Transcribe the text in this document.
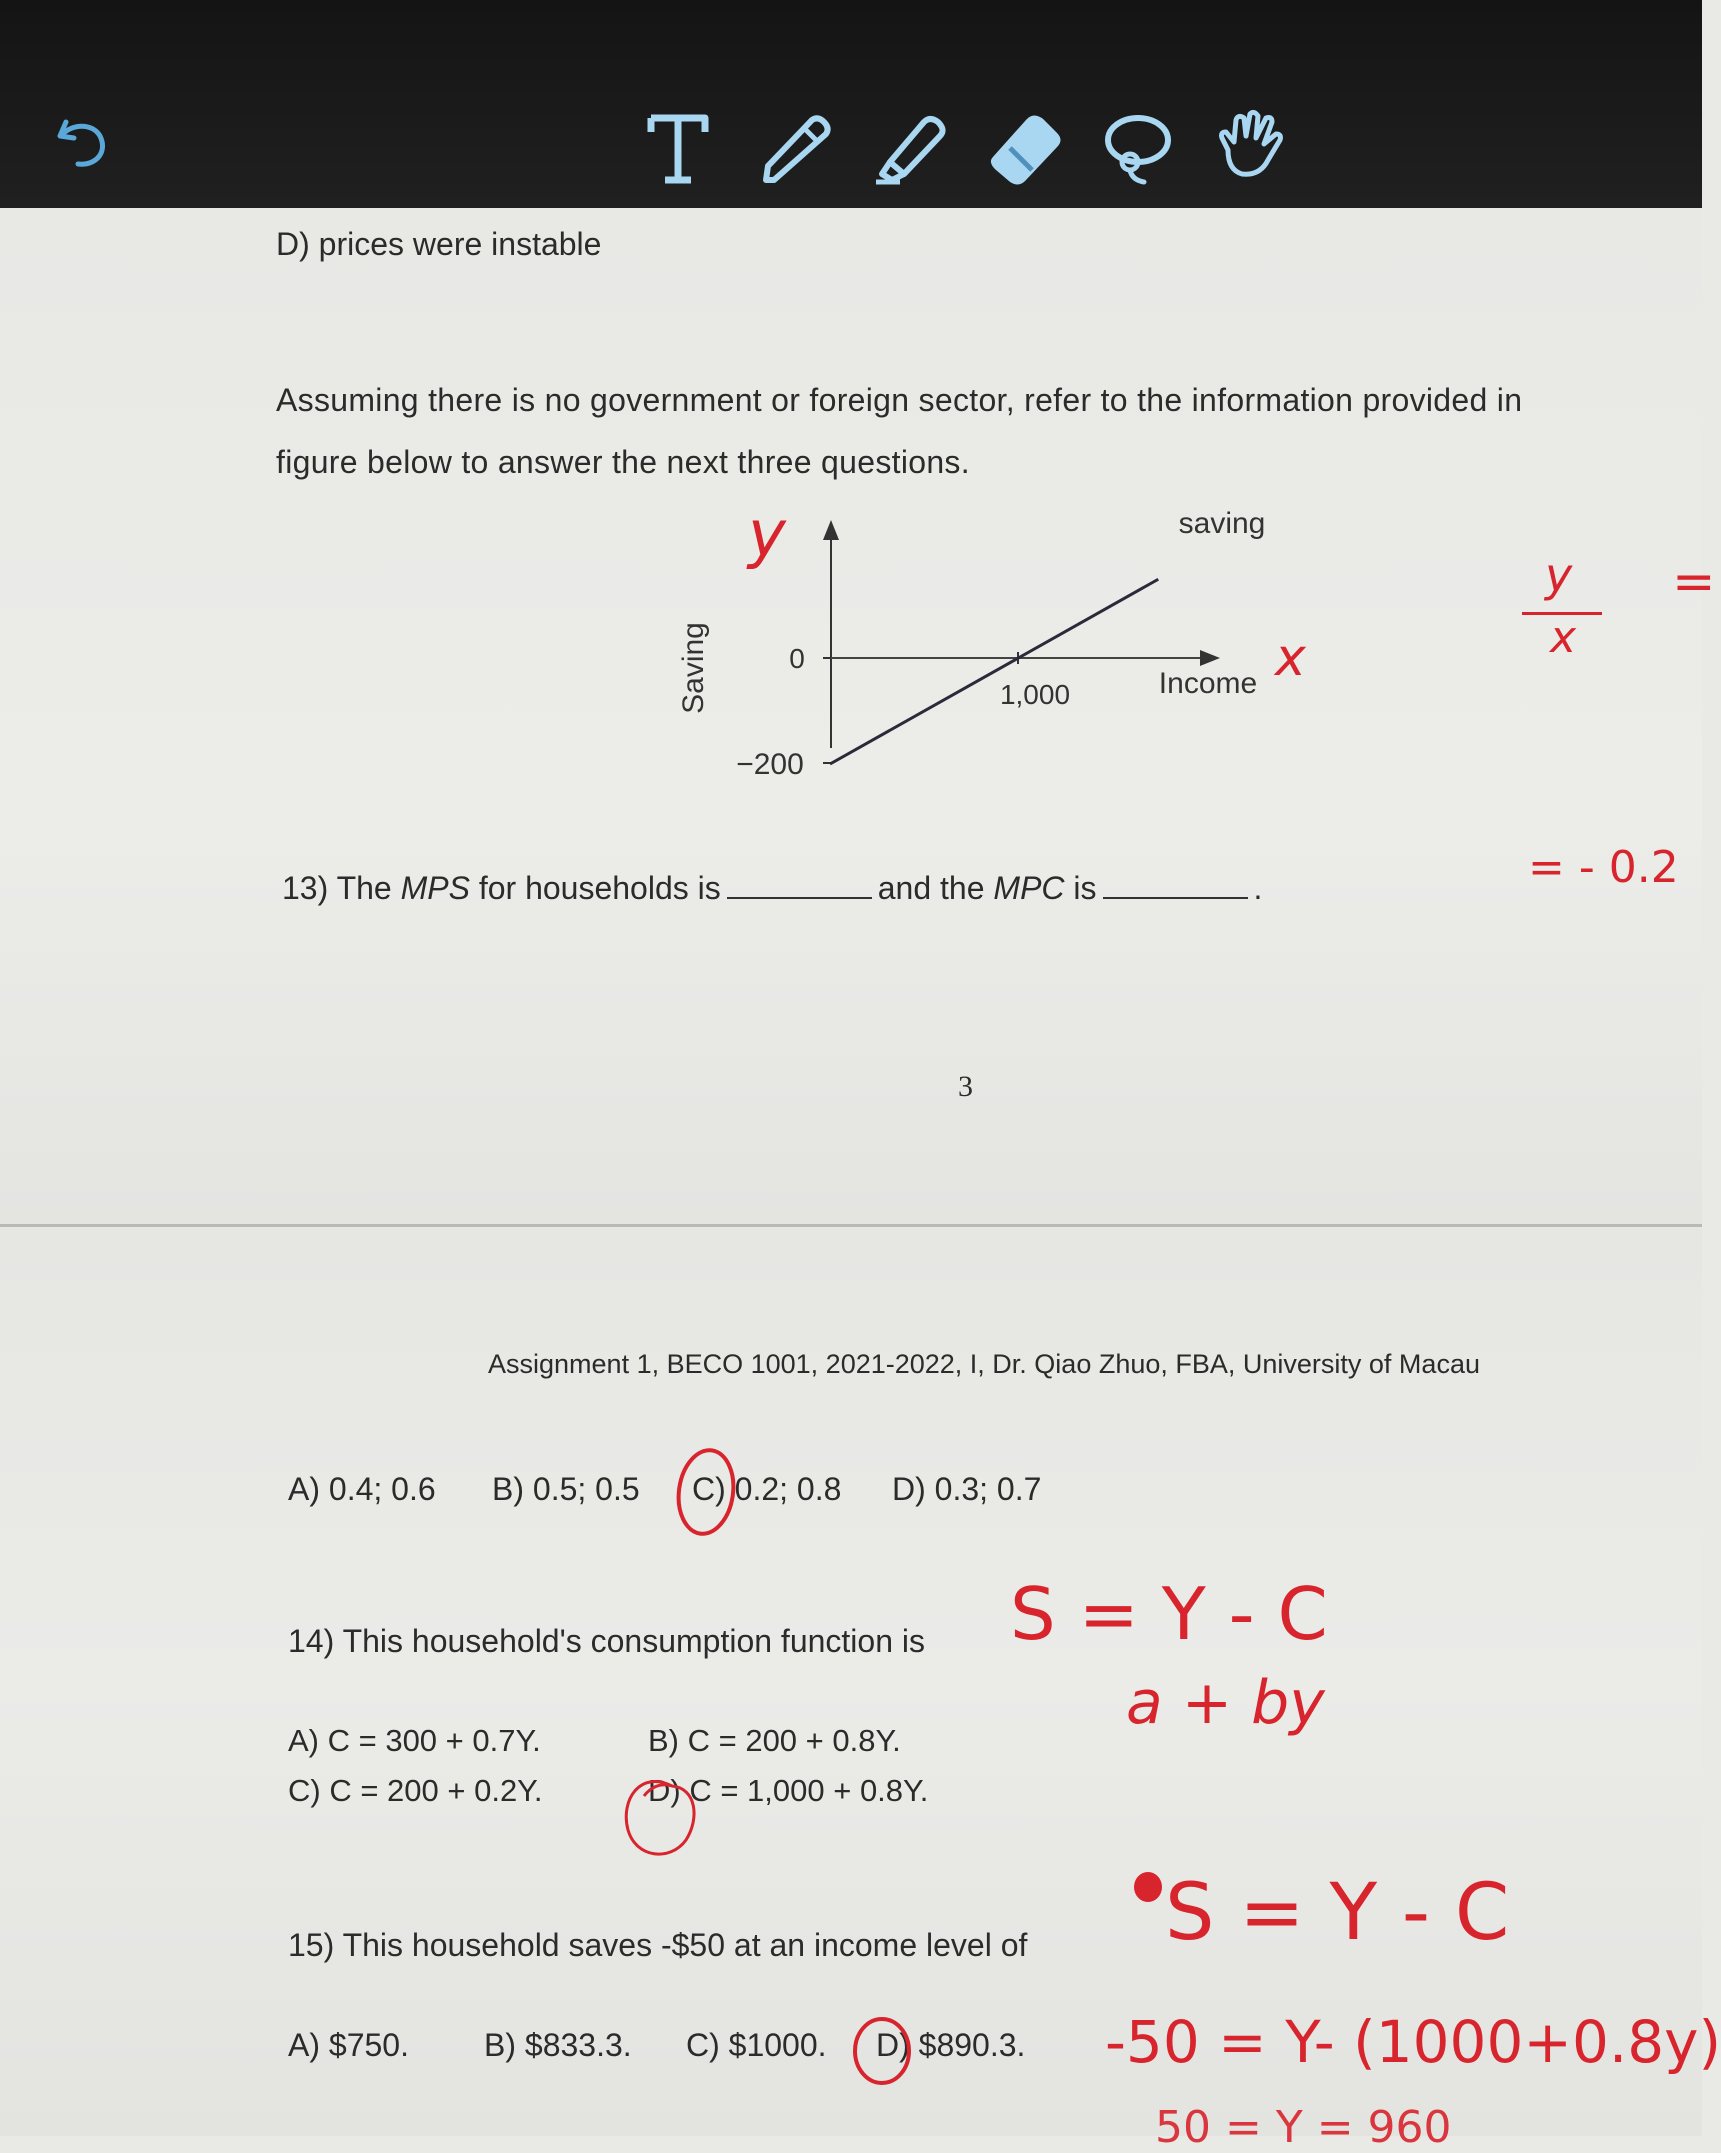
D) prices were instable
Assuming there is no government or foreign sector, refer to the information provided in
figure below to answer the next three questions.
0
−200
1,000	Income
saving
Saving
13) The MPS for households is	and the MPC is	.
3
Assignment 1, BECO 1001, 2021-2022, I, Dr. Qiao Zhuo, FBA, University of Macau
A) 0.4; 0.6 B) 0.5; 0.5 C) 0.2; 0.8 D) 0.3; 0.7
14) This household's consumption function is
A) C = 300 + 0.7Y.	B) C = 200 + 0.8Y.
C) C = 200 + 0.2Y.	D) C = 1,000 + 0.8Y.
15) This household saves -$50 at an income level of
A) $750. B) $833.3. C) $1000. D) $890.3.
y
x
y
x
=
= - 0.2
S = Y - C
a + by
S = Y - C
-50 = Y- (1000+0.8y)
50 = Y = 960
